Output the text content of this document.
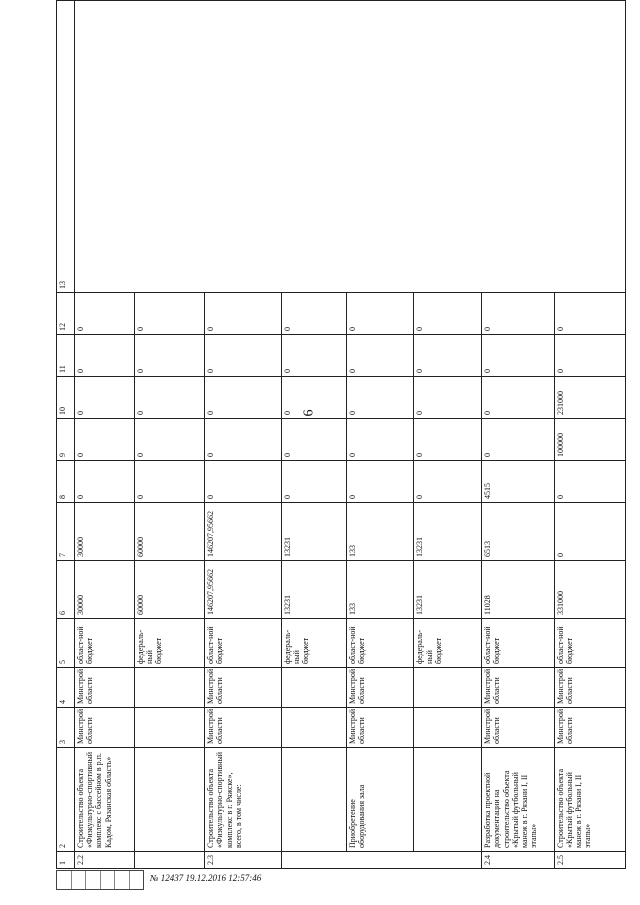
6
1	2	3	4	5	6	7	8	9	10	11	12	13
2.2	Строительство объекта «Физкультурно-спортивный комплекс с бассейном в р.п. Кадом, Рязанская область»	Минстрой области	Минстрой области	област-ной бюджет	30000	30000	0	0	0	0	0	
				федераль-ный бюджет	60000	60000	0	0	0	0	0	
2.3	Строительство объекта «Физкультурно-спортивный комплекс в г. Ряжске», всего, в том числе:	Минстрой области	Минстрой области	област-ной бюджет	146207,95662	146207,95662	0	0	0	0	0	
				федераль-ный бюджет	13231	13231	0	0	0	0	0	
	Приобретение оборудования зала	Минстрой области	Минстрой области	област-ной бюджет	133	133	0	0	0	0	0	
				федераль-ный бюджет	13231	13231	0	0	0	0	0	
2.4	Разработка проектной документации на строительство объекта «Крытый футбольный манеж в г. Рязани I, II этапы»	Минстрой области	Минстрой области	област-ной бюджет	11028	6513	4515	0	0	0	0	
2.5	Строительство объекта «Крытый футбольный манеж в г. Рязани I, II этапы»	Минстрой области	Минстрой области	област-ной бюджет	331000	0	0	100000	231000	0	0	
№ 12437 19.12.2016 12:57:46
